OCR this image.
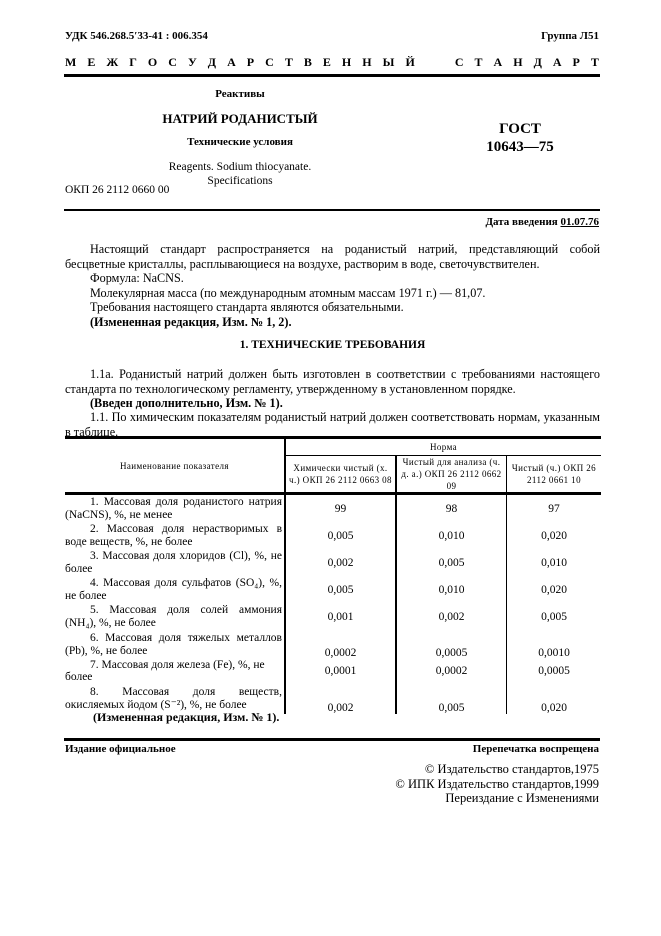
УДК 546.268.5′33-41 : 006.354	Группа Л51
М Е Ж Г О С У Д А Р С Т В Е Н Н Ы Й	С Т А Н Д А Р Т
Реактивы
НАТРИЙ РОДАНИСТЫЙ
Технические условия
Reagents. Sodium thiocyanate.
Specifications
ОКП 26 2112 0660 00
ГОСТ
10643—75
Дата введения 01.07.76
Настоящий стандарт распространяется на роданистый натрий, представляющий собой бесцветные кристаллы, расплывающиеся на воздухе, растворим в воде, светочувствителен.
Формула: NaCNS.
Молекулярная масса (по международным атомным массам 1971 г.) — 81,07.
Требования настоящего стандарта являются обязательными.
(Измененная редакция, Изм. № 1, 2).
1. ТЕХНИЧЕСКИЕ ТРЕБОВАНИЯ
1.1а. Роданистый натрий должен быть изготовлен в соответствии с требованиями настоящего стандарта по технологическому регламенту, утвержденному в установленном порядке.
(Введен дополнительно, Изм. № 1).
1.1. По химическим показателям роданистый натрий должен соответствовать нормам, указанным в таблице.
Наименование показателя	Норма		
	Химически чистый (х. ч.) ОКП 26 2112 0663 08	Чистый для анализа (ч. д. а.) ОКП 26 2112 0662 09	Чистый (ч.) ОКП 26 2112 0661 10
1. Массовая доля роданистого натрия (NaCNS), %, не менее	99	98	97
2. Массовая доля нерастворимых в воде веществ, %, не более	0,005	0,010	0,020
3. Массовая доля хлоридов (Cl), %, не более	0,002	0,005	0,010
4. Массовая доля сульфатов (SO₄), %, не более	0,005	0,010	0,020
5. Массовая доля солей аммония (NH₄), %, не более	0,001	0,002	0,005
6. Массовая доля тяжелых металлов (Pb), %, не более	0,0002	0,0005	0,0010
7. Массовая доля железа (Fe), %, не более	0,0001	0,0002	0,0005
8. Массовая доля веществ, окисляемых йодом (S⁻²), %, не более	0,002	0,005	0,020
(Измененная редакция, Изм. № 1).
Издание официальное	Перепечатка воспрещена
© Издательство стандартов,1975
© ИПК Издательство стандартов,1999
Переиздание с Изменениями
